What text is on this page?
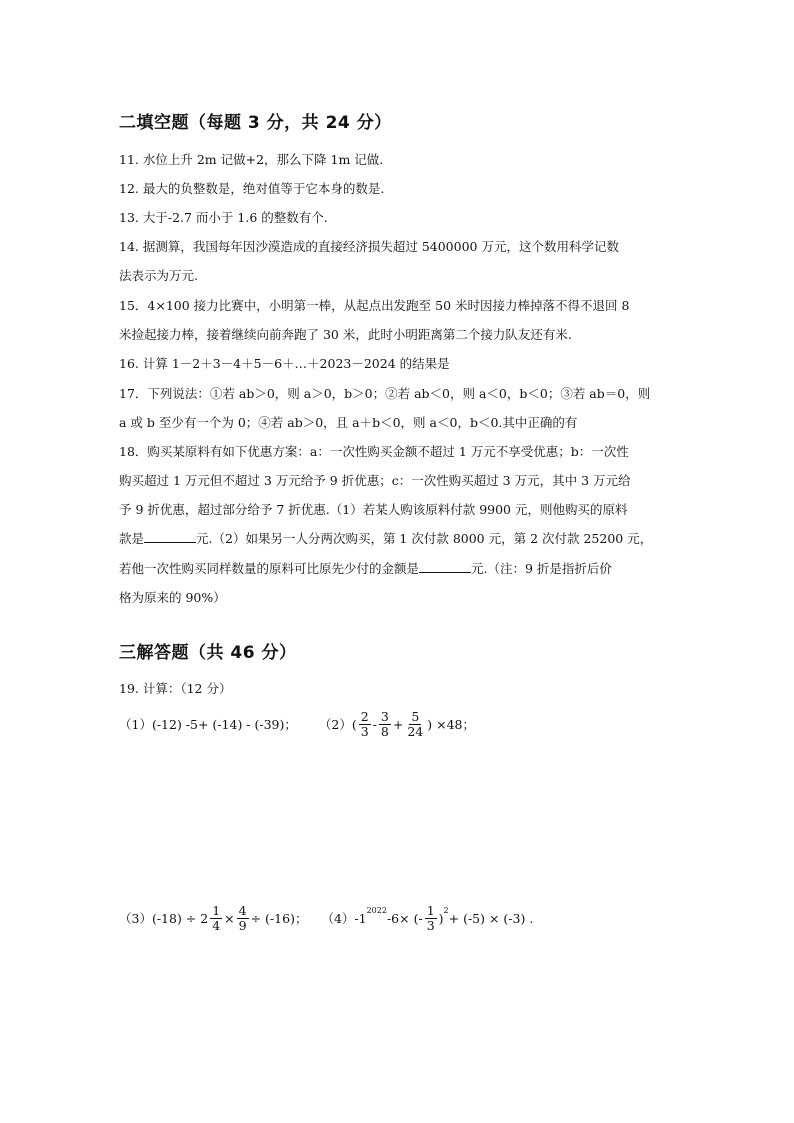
二填空题（每题 3 分，共 24 分）
11. 水位上升 2m 记做+2，那么下降 1m 记做.
12. 最大的负整数是，绝对值等于它本身的数是.
13. 大于-2.7 而小于 1.6 的整数有个.
14. 据测算，我国每年因沙漠造成的直接经济损失超过 5400000 万元，这个数用科学记数
法表示为万元.
15．4×100 接力比赛中，小明第一棒，从起点出发跑至 50 米时因接力棒掉落不得不退回 8
米捡起接力棒，接着继续向前奔跑了 30 米，此时小明距离第二个接力队友还有米.
16. 计算 1－2＋3－4＋5－6＋…＋2023－2024 的结果是
17．下列说法：①若 ab＞0，则 a＞0，b＞0；②若 ab＜0，则 a＜0，b＜0；③若 ab＝0，则
a 或 b 至少有一个为 0；④若 ab＞0，且 a＋b＜0，则 a＜0，b＜0.其中正确的有
18．购买某原料有如下优惠方案：a：一次性购买金额不超过 1 万元不享受优惠；b：一次性
购买超过 1 万元但不超过 3 万元给予 9 折优惠；c：一次性购买超过 3 万元，其中 3 万元给
予 9 折优惠，超过部分给予 7 折优惠.（1）若某人购该原料付款 9900 元，则他购买的原料
款是	元.（2）如果另一人分两次购买，第 1 次付款 8000 元，第 2 次付款 25200 元，
若他一次性购买同样数量的原料可比原先少付的金额是	元.（注：9 折是指折后价
格为原来的 90%）
三解答题（共 46 分）
19. 计算：（12 分）
（1）(-12) -5+ (-14) - (-39)； $(2)( \frac{2}{3} - \frac{3}{8} + \frac{5}{24}$ ) ×48；
$(3)(-18) \div 2 \frac{1}{4} \times \frac{4}{9} \div (-16)$； （4）-1
$^{2022}$ -6× (- $\frac{1}{3} )^2 + (-5) \times (-3)$ .
